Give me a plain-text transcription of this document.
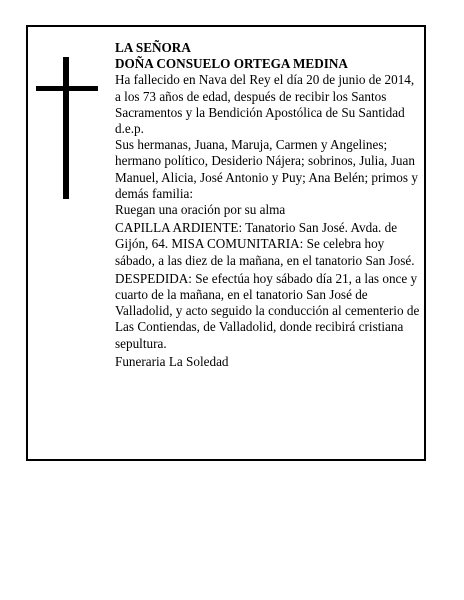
LA SEÑORA

DOÑA CONSUELO ORTEGA MEDINA

Ha fallecido en Nava del Rey el día 20 de junio de 2014, a los 73 años de edad, después de recibir los Santos Sacramentos y la Bendición Apostólica de Su Santidad

d.e.p.

Sus hermanas, Juana, Maruja, Carmen y Angelines; hermano político, Desiderio Nájera; sobrinos, Julia, Juan Manuel, Alicia, José Antonio y Puy; Ana Belén; primos y demás familia:

Ruegan una oración por su alma

CAPILLA ARDIENTE: Tanatorio San José. Avda. de Gijón, 64. MISA COMUNITARIA: Se celebra hoy sábado, a las diez de la mañana, en el tanatorio San José.

DESPEDIDA: Se efectúa hoy sábado día 21, a las once y cuarto de la mañana, en el tanatorio San José de Valladolid, y acto seguido la conducción al cementerio de Las Contiendas, de Valladolid, donde recibirá cristiana sepultura.

Funeraria La Soledad
